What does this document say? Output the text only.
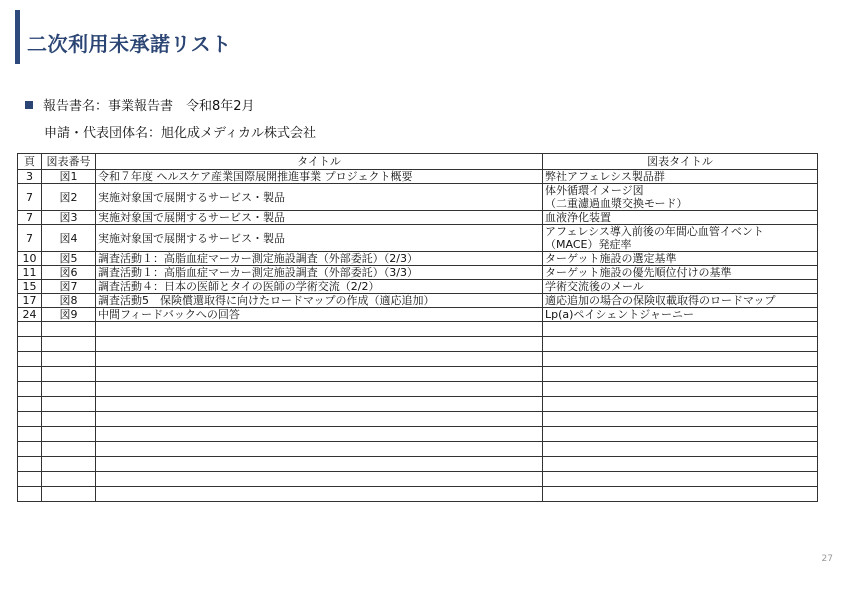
二次利用未承諾リスト
報告書名：事業報告書　令和8年2月
申請・代表団体名：旭化成メディカル株式会社
頁	図表番号	タイトル	図表タイトル
3	図1	令和７年度 ヘルスケア産業国際展開推進事業 プロジェクト概要	弊社アフェレシス製品群
7	図2	実施対象国で展開するサービス・製品	体外循環イメージ図
（二重濾過血漿交換モード）

7	図3	実施対象国で展開するサービス・製品	血液浄化装置
7	図4	実施対象国で展開するサービス・製品	アフェレシス導入前後の年間心血管イベント
（MACE）発症率

10	図5	調査活動１：高脂血症マーカー測定施設調査（外部委託）（2/3）	ターゲット施設の選定基準
11	図6	調査活動１：高脂血症マーカー測定施設調査（外部委託）（3/3）	ターゲット施設の優先順位付けの基準
15	図7	調査活動４：日本の医師とタイの医師の学術交流（2/2）	学術交流後のメール
17	図8	調査活動5　保険償還取得に向けたロードマップの作成（適応追加）	適応追加の場合の保険収載取得のロードマップ
24	図9	中間フィードバックへの回答	Lp(a)ペイシェントジャーニー

27
